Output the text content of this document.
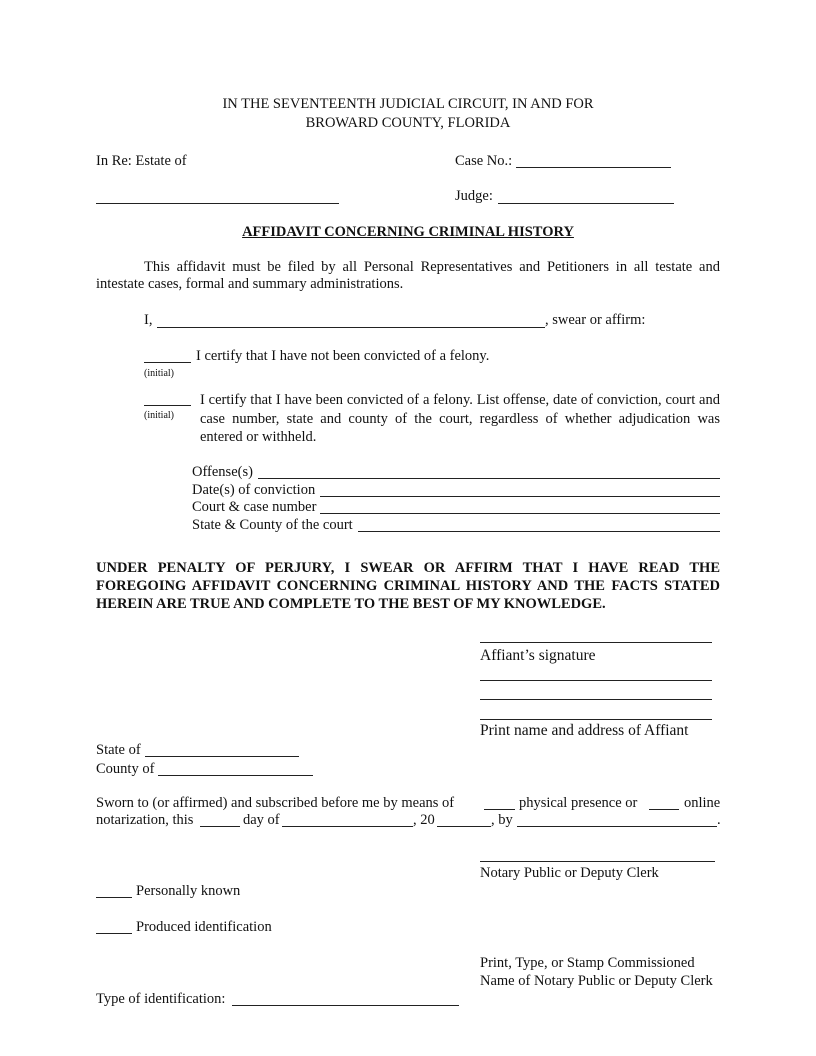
IN THE SEVENTEENTH JUDICIAL CIRCUIT, IN AND FOR
BROWARD COUNTY, FLORIDA
In Re: Estate of	Case No.:
Judge:
AFFIDAVIT CONCERNING CRIMINAL HISTORY
This affidavit must be filed by all Personal Representatives and Petitioners in all testate and intestate cases, formal and summary administrations.
I,	, swear or affirm:
I certify that I have not been convicted of a felony.
(initial)
(initial)
I certify that I have been convicted of a felony. List offense, date of conviction, court and case number, state and county of the court, regardless of whether adjudication was entered or withheld.
Offense(s)
Date(s) of conviction
Court & case number
State & County of the court
UNDER PENALTY OF PERJURY, I SWEAR OR AFFIRM THAT I HAVE READ THE FOREGOING AFFIDAVIT CONCERNING CRIMINAL HISTORY AND THE FACTS STATED HEREIN ARE TRUE AND COMPLETE TO THE BEST OF MY KNOWLEDGE.
Affiant’s signature
Print name and address of Affiant
State of
County of
Sworn to (or affirmed) and subscribed before me by means of	physical presence or	online
notarization, this	day of	, 20	, by	.
Notary Public or Deputy Clerk
Personally known
Produced identification
Print, Type, or Stamp Commissioned
Name of Notary Public or Deputy Clerk
Type of identification:
